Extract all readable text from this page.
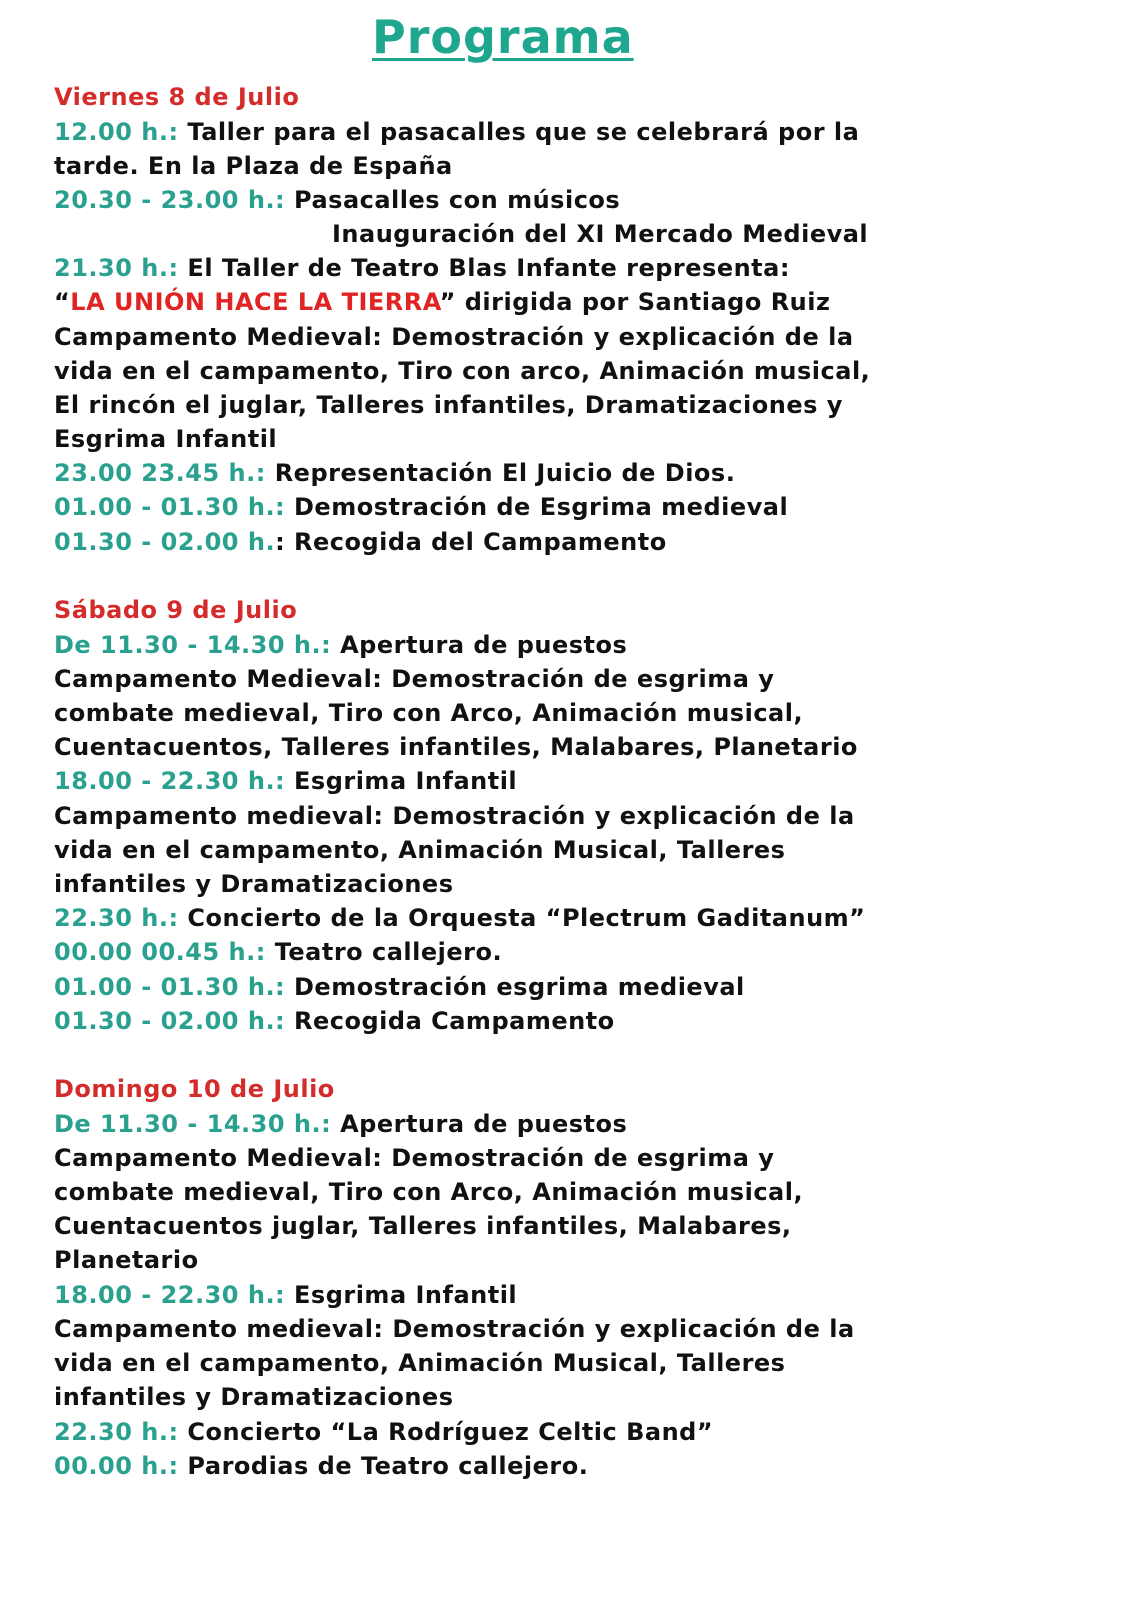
Programa
Viernes 8 de Julio
12.00 h.: Taller para el pasacalles que se celebrará por la
tarde. En la Plaza de España
20.30 - 23.00 h.: Pasacalles con músicos
Inauguración del XI Mercado Medieval
21.30 h.: El Taller de Teatro Blas Infante representa:
“LA UNIÓN HACE LA TIERRA” dirigida por Santiago Ruiz
Campamento Medieval: Demostración y explicación de la
vida en el campamento, Tiro con arco, Animación musical,
El rincón el juglar, Talleres infantiles, Dramatizaciones y
Esgrima Infantil
23.00 23.45 h.: Representación El Juicio de Dios.
01.00 - 01.30 h.: Demostración de Esgrima medieval
01.30 - 02.00 h.: Recogida del Campamento
Sábado 9 de Julio
De 11.30 - 14.30 h.: Apertura de puestos
Campamento Medieval: Demostración de esgrima y
combate medieval, Tiro con Arco, Animación musical,
Cuentacuentos, Talleres infantiles, Malabares, Planetario
18.00 - 22.30 h.: Esgrima Infantil
Campamento medieval: Demostración y explicación de la
vida en el campamento, Animación Musical, Talleres
infantiles y Dramatizaciones
22.30 h.: Concierto de la Orquesta “Plectrum Gaditanum”
00.00 00.45 h.: Teatro callejero.
01.00 - 01.30 h.: Demostración esgrima medieval
01.30 - 02.00 h.: Recogida Campamento
Domingo 10 de Julio
De 11.30 - 14.30 h.: Apertura de puestos
Campamento Medieval: Demostración de esgrima y
combate medieval, Tiro con Arco, Animación musical,
Cuentacuentos juglar, Talleres infantiles, Malabares,
Planetario
18.00 - 22.30 h.: Esgrima Infantil
Campamento medieval: Demostración y explicación de la
vida en el campamento, Animación Musical, Talleres
infantiles y Dramatizaciones
22.30 h.: Concierto “La Rodríguez Celtic Band”
00.00 h.: Parodias de Teatro callejero.
